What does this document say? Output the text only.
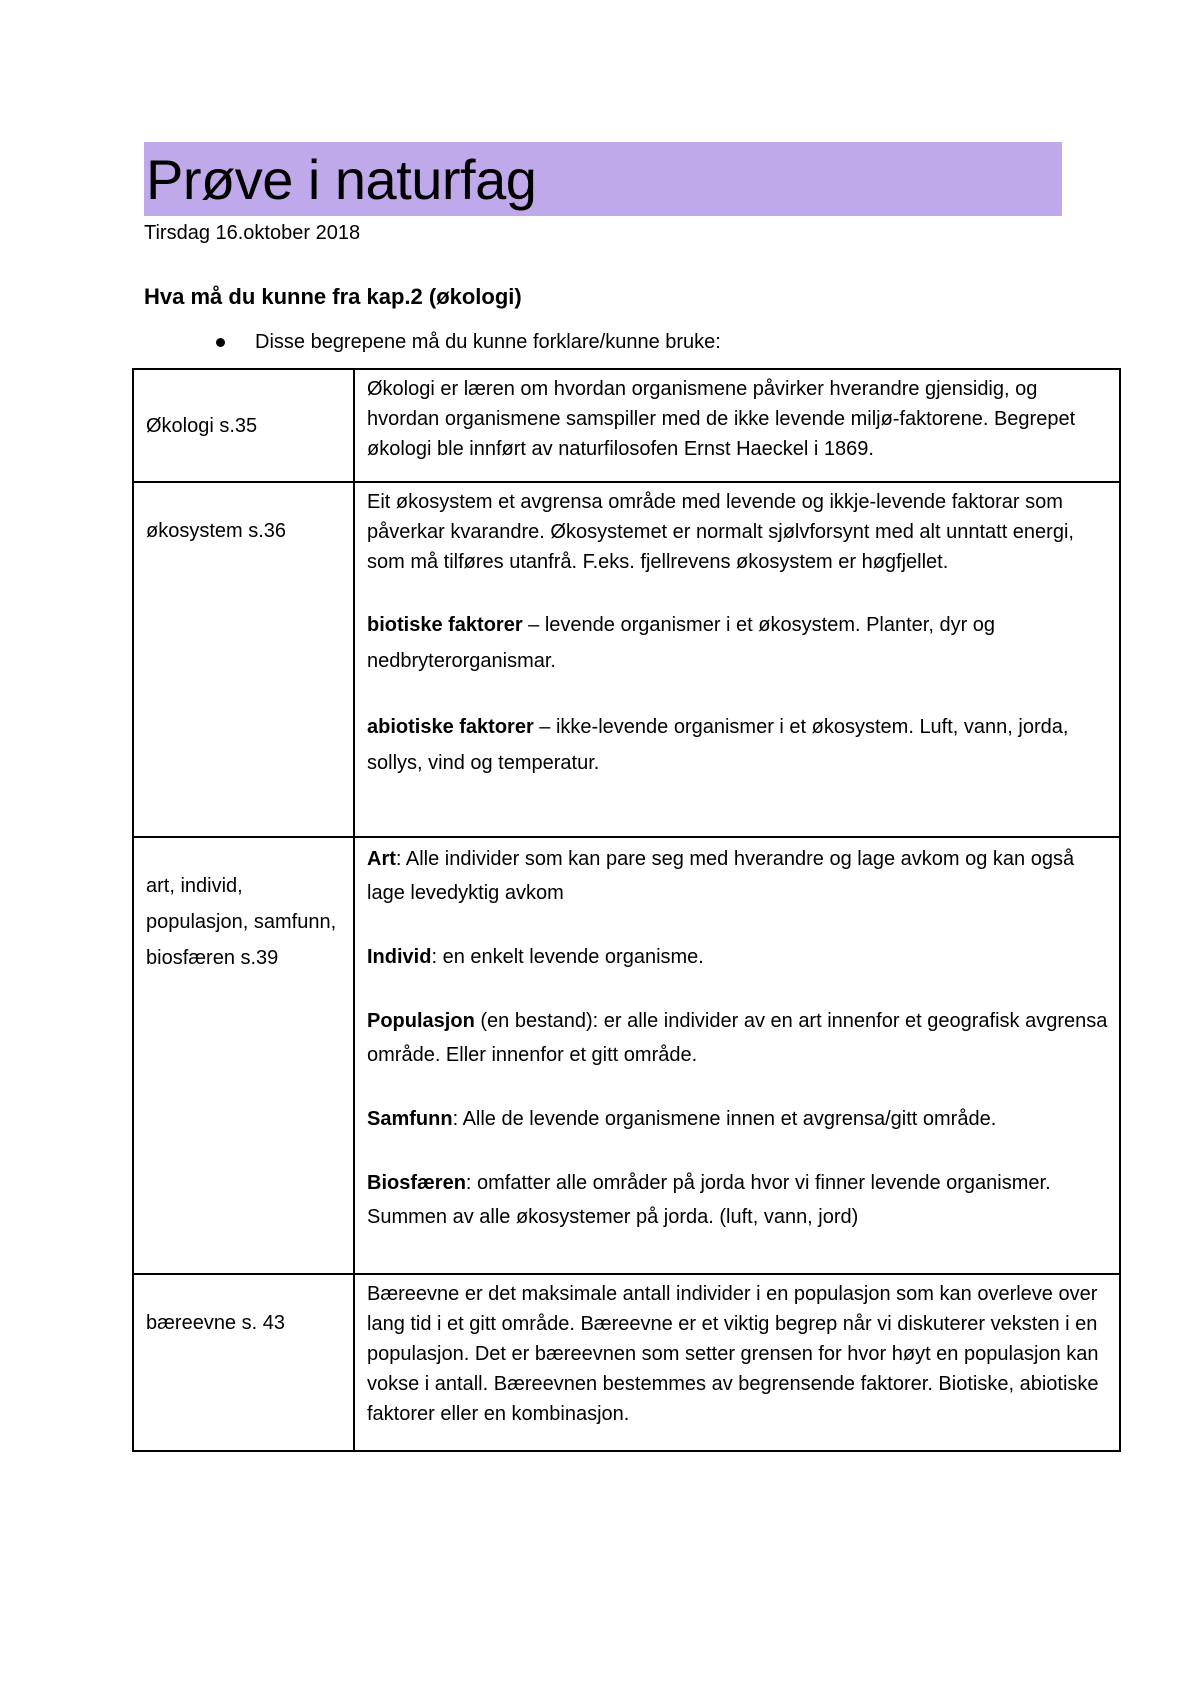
Prøve i naturfag
Tirsdag 16.oktober 2018
Hva må du kunne fra kap.2 (økologi)
Disse begrepene må du kunne forklare/kunne bruke:
Økologi s.35	Økologi er læren om hvordan organismene påvirker hverandre gjensidig, og hvordan organismene samspiller med de ikke levende miljø-faktorene. Begrepet økologi ble innført av naturfilosofen Ernst Haeckel i 1869.

økosystem s.36	Eit økosystem et avgrensa område med levende og ikkje-levende faktorar som påverkar kvarandre. Økosystemet er normalt sjølvforsynt med alt unntatt energi, som må tilføres utanfrå. F.eks. fjellrevens økosystem er høgfjellet.

biotiske faktorer – levende organismer i et økosystem. Planter, dyr og nedbryterorganismar.

abiotiske faktorer – ikke-levende organismer i et økosystem. Luft, vann, jorda, sollys, vind og temperatur.

art, individ, populasjon, samfunn, biosfæren s.39	Art: Alle individer som kan pare seg med hverandre og lage avkom og kan også lage levedyktig avkom

Individ: en enkelt levende organisme.

Populasjon (en bestand): er alle individer av en art innenfor et geografisk avgrensa område. Eller innenfor et gitt område.

Samfunn: Alle de levende organismene innen et avgrensa/gitt område.

Biosfæren: omfatter alle områder på jorda hvor vi finner levende organismer. Summen av alle økosystemer på jorda. (luft, vann, jord)

bæreevne s. 43	Bæreevne er det maksimale antall individer i en populasjon som kan overleve over lang tid i et gitt område. Bæreevne er et viktig begrep når vi diskuterer veksten i en populasjon. Det er bæreevnen som setter grensen for hvor høyt en populasjon kan vokse i antall. Bæreevnen bestemmes av begrensende faktorer. Biotiske, abiotiske faktorer eller en kombinasjon.
